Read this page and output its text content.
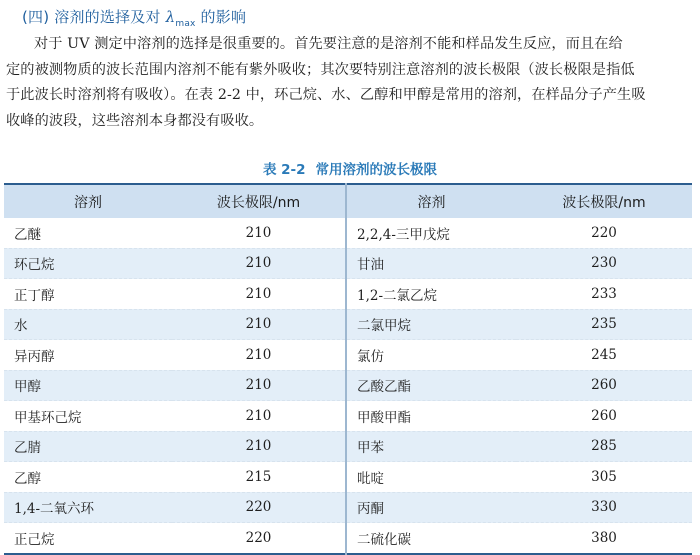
(四) 溶剂的选择及对 $\lambda_{max}$ 的影响
对于 UV 测定中溶剂的选择是很重要的。首先要注意的是溶剂不能和样品发生反应，而且在给
定的被测物质的波长范围内溶剂不能有紫外吸收；其次要特别注意溶剂的波长极限（波长极限是指低
于此波长时溶剂将有吸收）。在表 2-2 中，环己烷、水、乙醇和甲醇是常用的溶剂，在样品分子产生吸
收峰的波段，这些溶剂本身都没有吸收。
表 2-2 常用溶剂的波长极限
溶剂	波长极限/nm	溶剂	波长极限/nm
乙醚	210	2,2,4-三甲戊烷	220
环己烷	210	甘油	230
正丁醇	210	1,2-二氯乙烷	233
水	210	二氯甲烷	235
异丙醇	210	氯仿	245
甲醇	210	乙酸乙酯	260
甲基环己烷	210	甲酸甲酯	260
乙腈	210	甲苯	285
乙醇	215	吡啶	305
1,4-二氧六环	220	丙酮	330
正己烷	220	二硫化碳	380
